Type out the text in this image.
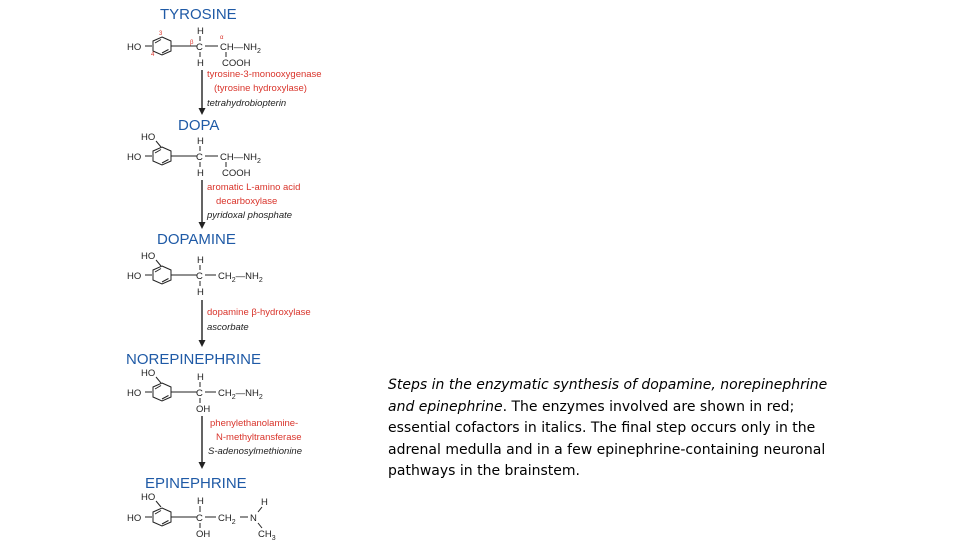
TYROSINE
HO
3
4
β
α
H
C
H
$CH—NH_2$
COOH
tyrosine-3-monooxygenase
(tyrosine hydroxylase)
tetrahydrobiopterin
DOPA
HO
HO
H
C
H
$CH—NH_2$
COOH
aromatic L-amino acid
decarboxylase
pyridoxal phosphate
DOPAMINE
HO
HO
H
C
H
$CH_2—NH_2$
dopamine β-hydroxylase
ascorbate
NOREPINEPHRINE
HO
HO
H
C
OH
$CH_2—NH_2$
phenylethanolamine-
N-methyltransferase
S-adenosylmethionine
EPINEPHRINE
HO
HO
H
C
OH
$CH_2$ N
H
$CH_3$

Steps in the enzymatic synthesis of dopamine, norepinephrine and epinephrine. The enzymes involved are shown in red; essential cofactors in italics. The final step occurs only in the adrenal medulla and in a few epinephrine-containing neuronal pathways in the brainstem.
